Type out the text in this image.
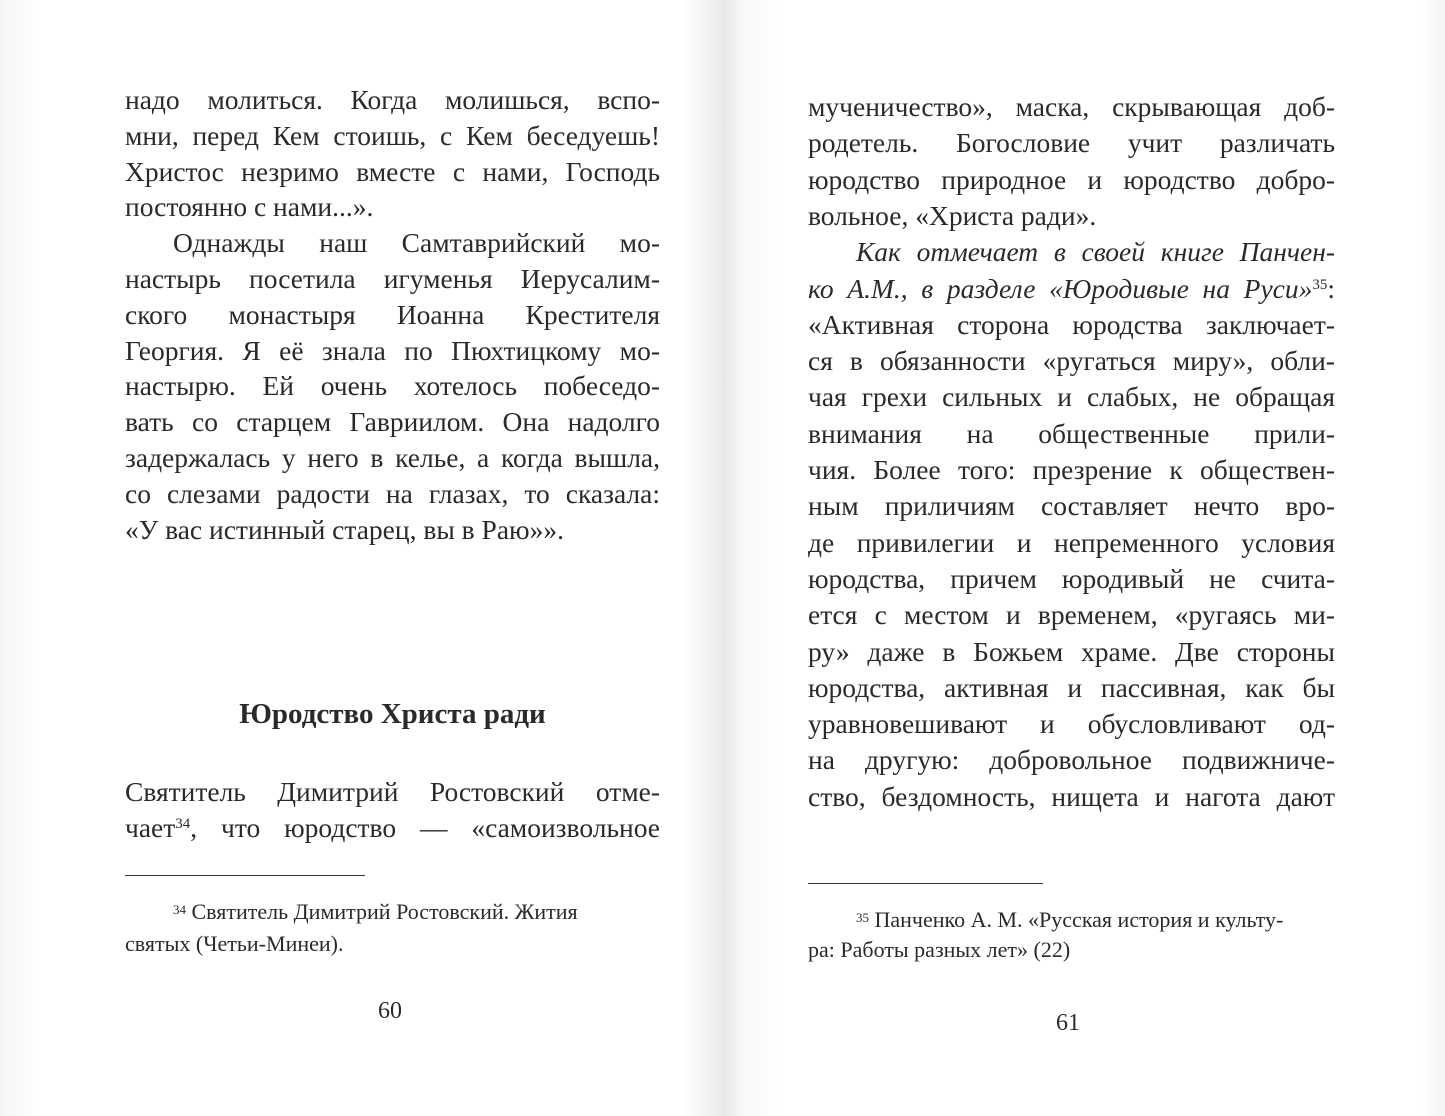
Юродство Христа ради
$^{34}$ Святитель Димитрий Ростовский. Жития
святых (Четьи-Минеи).
60
надо молиться. Когда молишься, вспо-
мни, перед Кем стоишь, с Кем беседуешь!
Христос незримо вместе с нами, Господь
постоянно с нами...».
Однажды наш Самтаврийский мо-
настырь посетила игуменья Иерусалим-
ского монастыря Иоанна Крестителя
Георгия. Я её знала по Пюхтицкому мо-
настырю. Ей очень хотелось побеседо-
вать со старцем Гавриилом. Она надолго
задержалась у него в келье, а когда вышла,
со слезами радости на глазах, то сказала:
«У вас истинный старец, вы в Раю»».
Святитель Димитрий Ростовский отме-
чает$^{34}$, что юродство — «самоизвольное
$^{35}$ Панченко А. М. «Русская история и культу-
ра: Работы разных лет» (22)
61
мученичество», маска, скрывающая доб-
родетель. Богословие учит различать
юродство природное и юродство добро-
вольное, «Христа ради».
Как отмечает в своей книге Панчен-
ко А.М., в разделе «Юродивые на Руси»$^{35}$:
«Активная сторона юродства заключает-
ся в обязанности «ругаться миру», обли-
чая грехи сильных и слабых, не обращая
внимания на общественные прили-
чия. Более того: презрение к обществен-
ным приличиям составляет нечто вро-
де привилегии и непременного условия
юродства, причем юродивый не счита-
ется с местом и временем, «ругаясь ми-
ру» даже в Божьем храме. Две стороны
юродства, активная и пассивная, как бы
уравновешивают и обусловливают од-
на другую: добровольное подвижниче-
ство, бездомность, нищета и нагота дают
